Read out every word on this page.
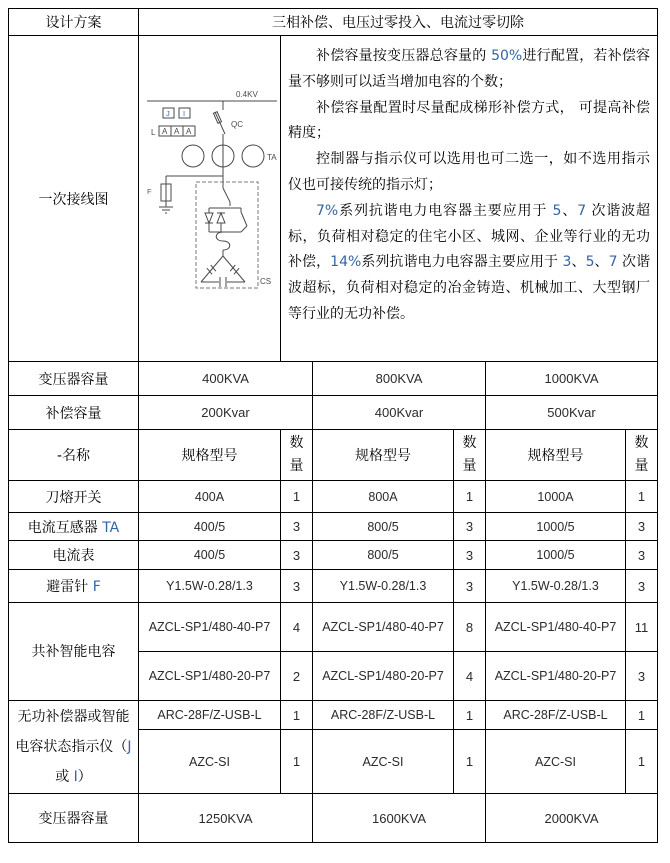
设计方案	三相补偿、电压过零投入、电流过零切除					
一次接线图	
0.4KV
J I
L A A A
QC
TA
F
CS

补偿容量按变压器总容量的 50%进行配置，若补偿容量不够则可以适当增加电容的个数；

补偿容量配置时尽量配成梯形补偿方式， 可提高补偿精度；

控制器与指示仪可以选用也可二选一，如不选用指示仪也可接传统的指示灯；

7%系列抗谐电力电容器主要应用于 5、7 次谐波超标，负荷相对稳定的住宅小区、城网、企业等行业的无功补偿，14%系列抗谐电力电容器主要应用于 3、5、7 次谐波超标，负荷相对稳定的冶金铸造、机械加工、大型钢厂等行业的无功补偿。

变压器容量	400KVA		800KVA		1000KVA	
补偿容量	200Kvar		400Kvar		500Kvar	
-名称	规格型号	数量	规格型号	数量	规格型号	数量
刀熔开关	400A	1	800A	1	1000A	1
电流互感器 TA	400/5	3	800/5	3	1000/5	3
电流表	400/5	3	800/5	3	1000/5	3
避雷针 F	Y1.5W-0.28/1.3	3	Y1.5W-0.28/1.3	3	Y1.5W-0.28/1.3	3
共补智能电容	AZCL-SP1/480-40-P7	4	AZCL-SP1/480-40-P7	8	AZCL-SP1/480-40-P7	11
	AZCL-SP1/480-20-P7	2	AZCL-SP1/480-20-P7	4	AZCL-SP1/480-20-P7	3
无功补偿器或智能电容状态指示仪（J 或 I）	ARC-28F/Z-USB-L	1	ARC-28F/Z-USB-L	1	ARC-28F/Z-USB-L	1
	AZC-SI	1	AZC-SI	1	AZC-SI	1
变压器容量	1250KVA		1600KVA		2000KVA	
